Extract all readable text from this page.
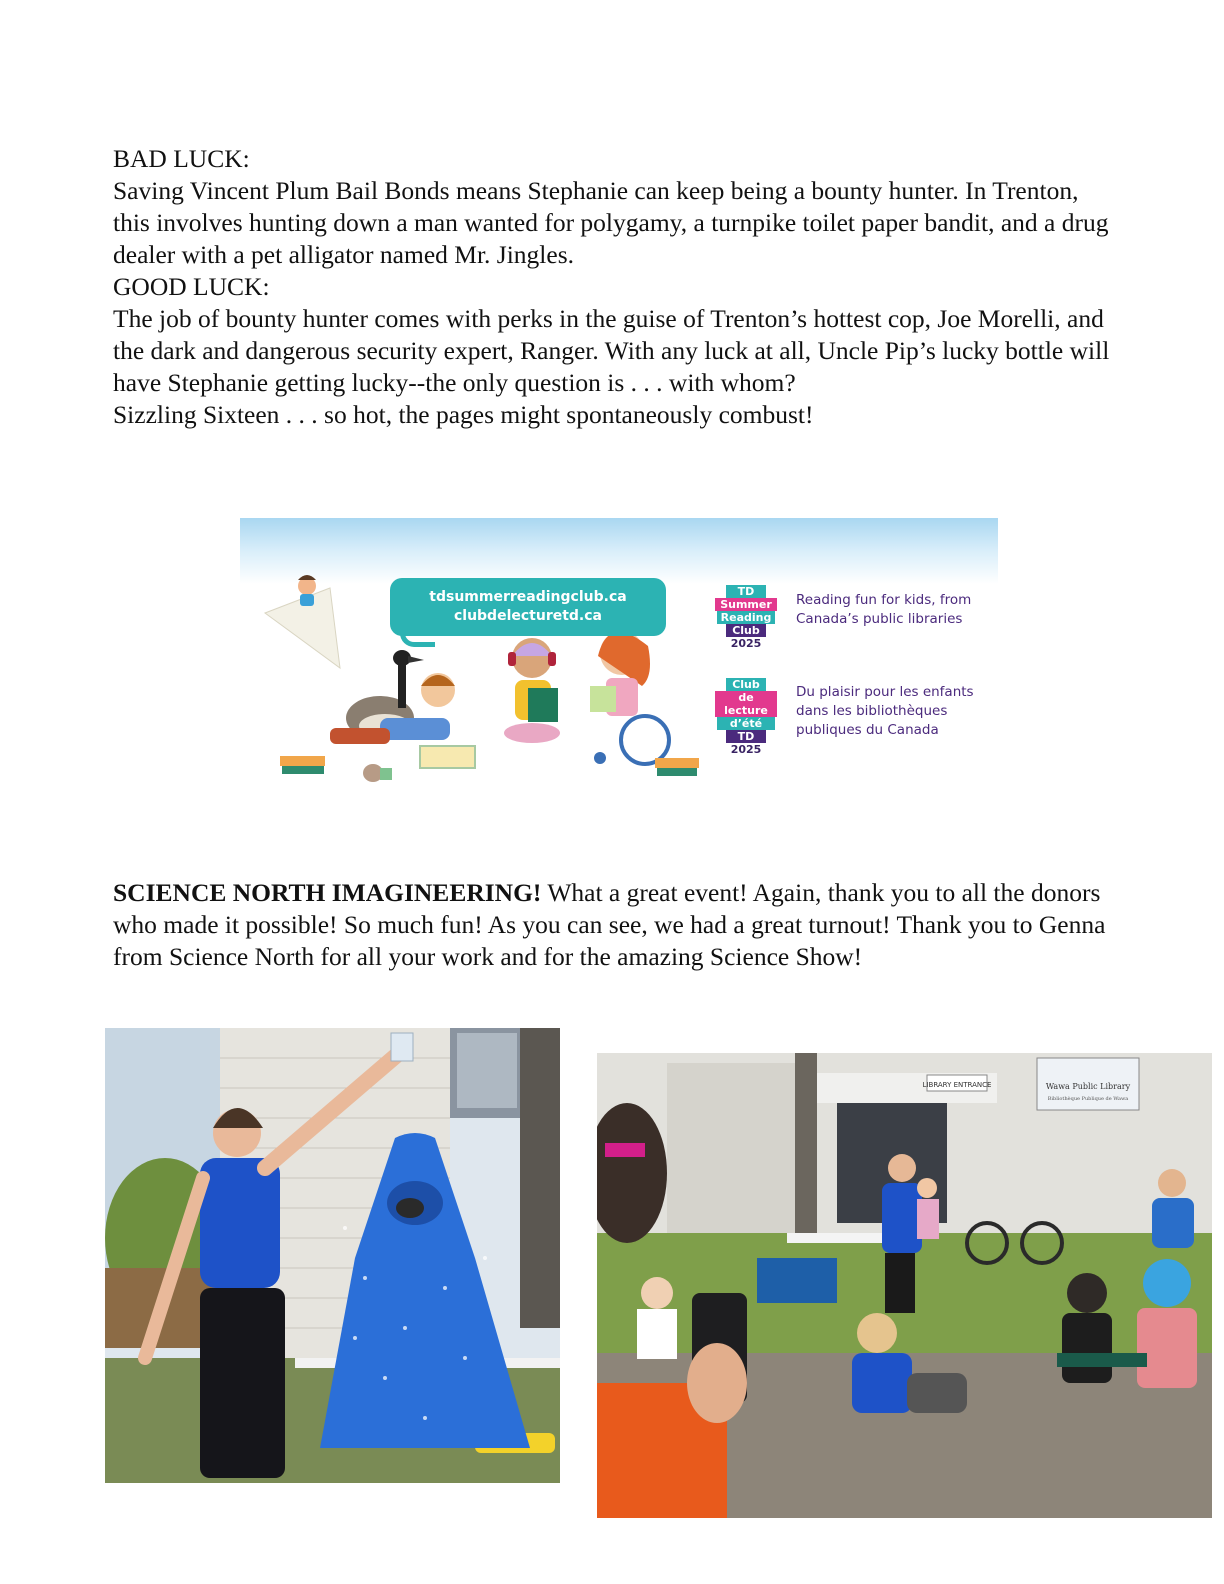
BAD LUCK:

Saving Vincent Plum Bail Bonds means Stephanie can keep being a bounty hunter. In Trenton, this involves hunting down a man wanted for polygamy, a turnpike toilet paper bandit, and a drug dealer with a pet alligator named Mr. Jingles.

GOOD LUCK:

The job of bounty hunter comes with perks in the guise of Trenton’s hottest cop, Joe Morelli, and the dark and dangerous security expert, Ranger. With any luck at all, Uncle Pip’s lucky bottle will have Stephanie getting lucky--the only question is . . . with whom?

Sizzling Sixteen . . . so hot, the pages might spontaneously combust!

tdsummerreadingclub.ca
clubdelecturetd.ca
TD
Summer
Reading
Club
2025
Reading fun for kids, from Canada’s public libraries
Club
de lecture
d’été
TD
2025
Du plaisir pour les enfants dans les bibliothèques publiques du Canada

SCIENCE NORTH IMAGINEERING! What a great event! Again, thank you to all the donors who made it possible! So much fun! As you can see, we had a great turnout! Thank you to Genna from Science North for all your work and for the amazing Science Show!

LIBRARY ENTRANCE	Wawa Public Library
Bibliothèque Publique de Wawa
